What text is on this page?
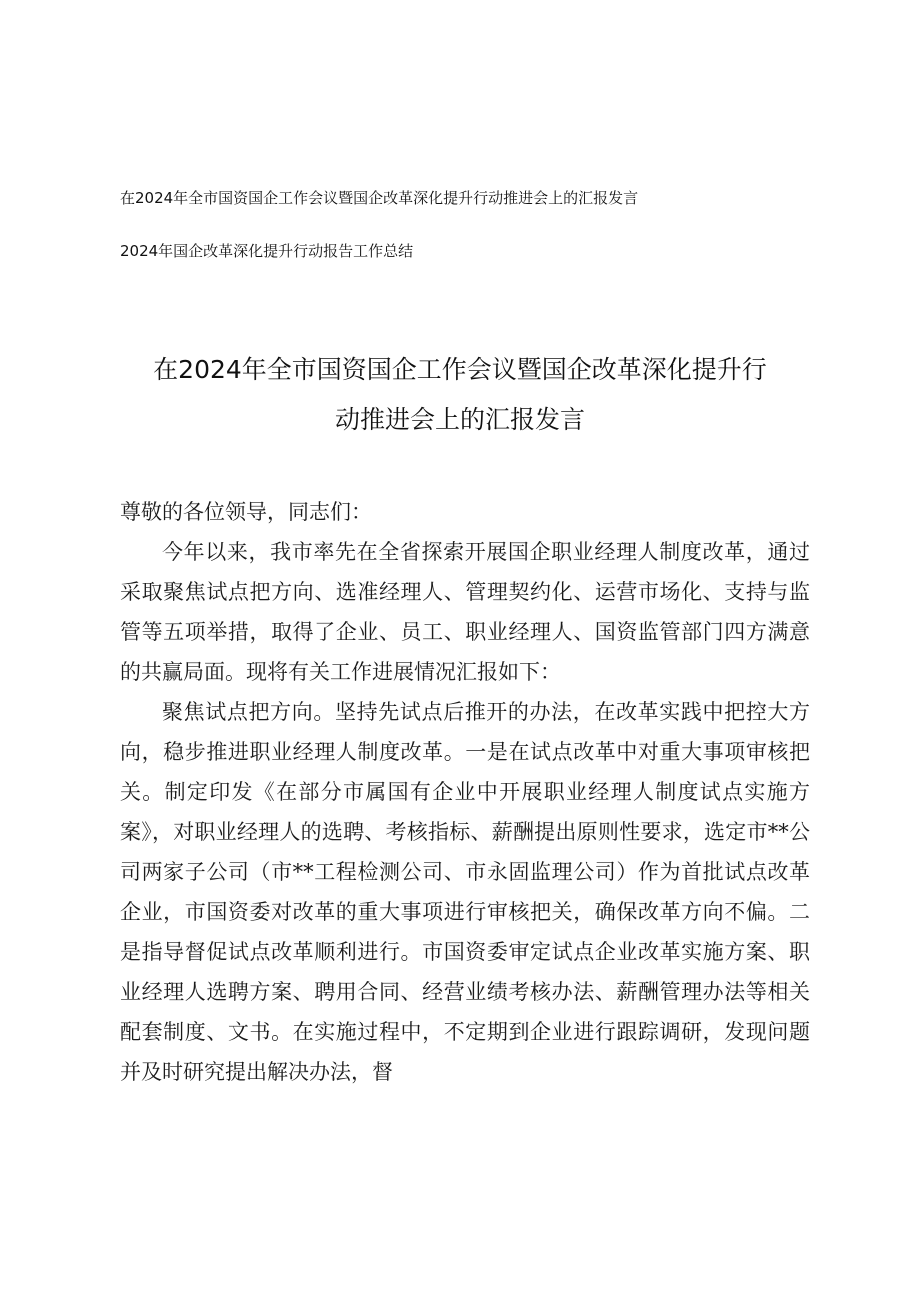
在2024年全市国资国企工作会议暨国企改革深化提升行动推进会上的汇报发言
2024年国企改革深化提升行动报告工作总结
在2024年全市国资国企工作会议暨国企改革深化提升行
动推进会上的汇报发言

尊敬的各位领导，同志们：

今年以来，我市率先在全省探索开展国企职业经理人制度改革，通过采取聚焦试点把方向、选准经理人、管理契约化、运营市场化、支持与监管等五项举措，取得了企业、员工、职业经理人、国资监管部门四方满意的共赢局面。现将有关工作进展情况汇报如下：

聚焦试点把方向。坚持先试点后推开的办法，在改革实践中把控大方向，稳步推进职业经理人制度改革。一是在试点改革中对重大事项审核把关。制定印发《在部分市属国有企业中开展职业经理人制度试点实施方案》，对职业经理人的选聘、考核指标、薪酬提出原则性要求，选定市**公司两家子公司（市**工程检测公司、市永固监理公司）作为首批试点改革企业，市国资委对改革的重大事项进行审核把关，确保改革方向不偏。二是指导督促试点改革顺利进行。市国资委审定试点企业改革实施方案、职业经理人选聘方案、聘用合同、经营业绩考核办法、薪酬管理办法等相关配套制度、文书。在实施过程中，不定期到企业进行跟踪调研，发现问题并及时研究提出解决办法，督
